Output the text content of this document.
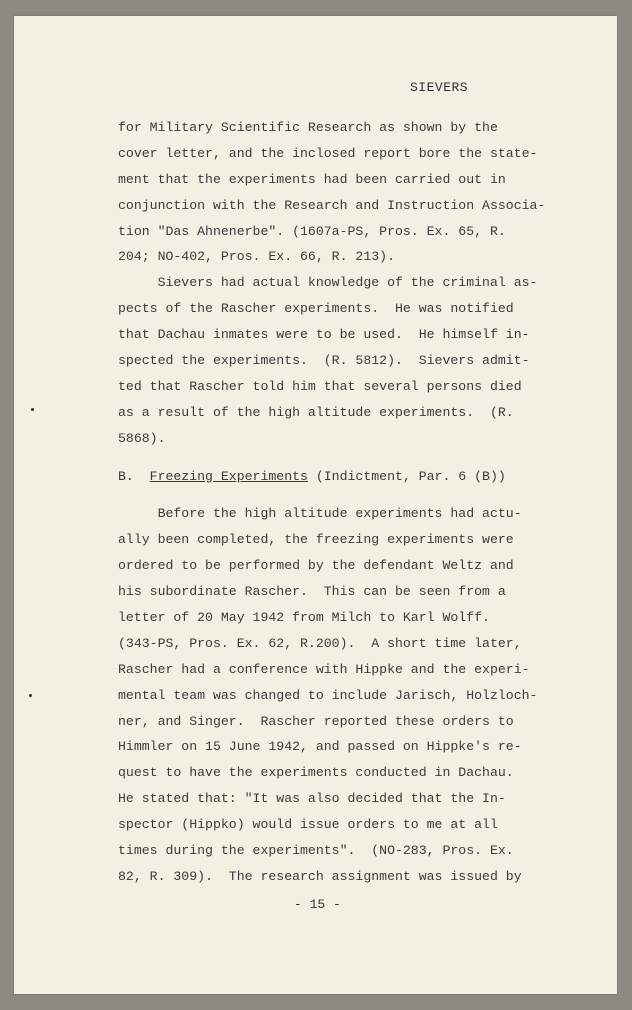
SIEVERS
for Military Scientific Research as shown by the
cover letter, and the inclosed report bore the state-
ment that the experiments had been carried out in
conjunction with the Research and Instruction Associa-
tion "Das Ahnenerbe". (1607a-PS, Pros. Ex. 65, R.
204; NO-402, Pros. Ex. 66, R. 213).
Sievers had actual knowledge of the criminal as-
pects of the Rascher experiments.  He was notified
that Dachau inmates were to be used.  He himself in-
spected the experiments.  (R. 5812).  Sievers admit-
ted that Rascher told him that several persons died
as a result of the high altitude experiments.  (R.
5868).
B.  Freezing Experiments (Indictment, Par. 6 (B))
Before the high altitude experiments had actu-
ally been completed, the freezing experiments were
ordered to be performed by the defendant Weltz and
his subordinate Rascher.  This can be seen from a
letter of 20 May 1942 from Milch to Karl Wolff.
(343-PS, Pros. Ex. 62, R.200).  A short time later,
Rascher had a conference with Hippke and the experi-
mental team was changed to include Jarisch, Holzloch-
ner, and Singer.  Rascher reported these orders to
Himmler on 15 June 1942, and passed on Hippke's re-
quest to have the experiments conducted in Dachau.
He stated that: "It was also decided that the In-
spector (Hippko) would issue orders to me at all
times during the experiments".  (NO-283, Pros. Ex.
82, R. 309).  The research assignment was issued by
- 15 -
